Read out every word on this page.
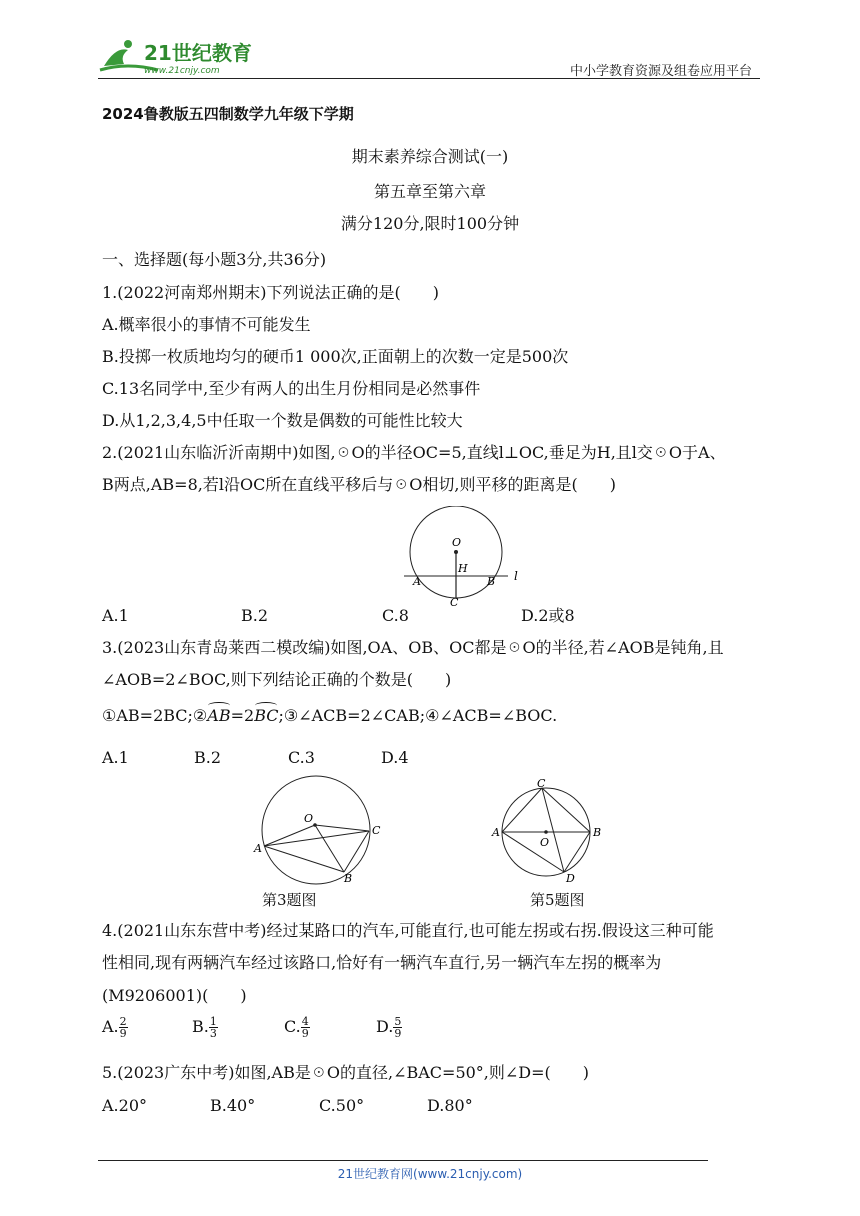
21世纪教育
www.21cnjy.com	中小学教育资源及组卷应用平台
2024鲁教版五四制数学九年级下学期
期末素养综合测试(一)
第五章至第六章
满分120分,限时100分钟
一、选择题(每小题3分,共36分)
1.(2022河南郑州期末)下列说法正确的是(　　)
A.概率很小的事情不可能发生
B.投掷一枚质地均匀的硬币1 000次,正面朝上的次数一定是500次
C.13名同学中,至少有两人的出生月份相同是必然事件
D.从1,2,3,4,5中任取一个数是偶数的可能性比较大
2.(2021山东临沂沂南期中)如图,☉O的半径OC=5,直线l⊥OC,垂足为H,且l交☉O于A、
B两点,AB=8,若l沿OC所在直线平移后与☉O相切,则平移的距离是(　　)
O
H
A	B
C
l
A.1	B.2	C.8	D.2或8
3.(2023山东青岛莱西二模改编)如图,OA、OB、OC都是☉O的半径,若∠AOB是钝角,且
∠AOB=2∠BOC,则下列结论正确的个数是(　　)
①AB=2BC;②AB=2BC;③∠ACB=2∠CAB;④∠ACB=∠BOC.
A.1	B.2	C.3	D.4
O
A
C
B
第3题图
O
A	B
C
D
第5题图
4.(2021山东东营中考)经过某路口的汽车,可能直行,也可能左拐或右拐.假设这三种可能
性相同,现有两辆汽车经过该路口,恰好有一辆汽车直行,另一辆汽车左拐的概率为
(M9206001)(　　)
A. $\frac{2}{9}$	B. $\frac{1}{3}$	C. $\frac{4}{9}$	D. $\frac{5}{9}$
5.(2023广东中考)如图,AB是☉O的直径,∠BAC=50°,则∠D=(　　)
A.20°	B.40°	C.50°	D.80°
21世纪教育网(www.21cnjy.com)
